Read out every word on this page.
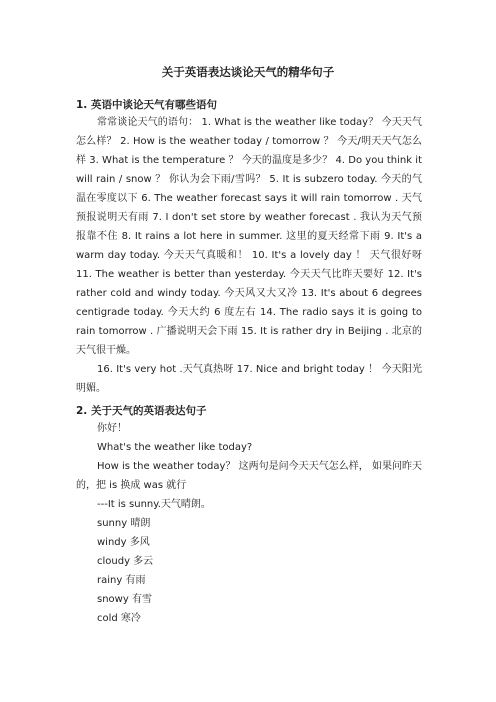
关于英语表达谈论天气的精华句子
1. 英语中谈论天气有哪些语句

常常谈论天气的语句： 1. What is the weather like today？ 今天天气怎么样？ 2. How is the weather today / tomorrow ？ 今天/明天天气怎么样 3. What is the temperature ？ 今天的温度是多少？ 4. Do you think it will rain / snow ？ 你认为会下雨/雪吗？ 5. It is subzero today. 今天的气温在零度以下 6. The weather forecast says it will rain tomorrow . 天气预报说明天有雨 7. I don't set store by weather forecast . 我认为天气预报靠不住 8. It rains a lot here in summer. 这里的夏天经常下雨 9. It's a warm day today. 今天天气真暖和！ 10. It's a lovely day ！ 天气很好呀 11. The weather is better than yesterday. 今天天气比昨天要好 12. It's rather cold and windy today. 今天风又大又冷 13. It's about 6 degrees centigrade today. 今天大约 6 度左右 14. The radio says it is going to rain tomorrow . 广播说明天会下雨 15. It is rather dry in Beijing . 北京的天气很干燥。

16. It's very hot .天气真热呀 17. Nice and bright today ！ 今天阳光明媚。

2. 关于天气的英语表达句子
你好！
What's the weather like today?

How is the weather today？ 这两句是问今天天气怎么样， 如果问昨天的，把 is 换成 was 就行

---It is sunny.天气晴朗。
sunny 晴朗
windy 多风
cloudy 多云
rainy 有雨
snowy 有雪
cold 寒冷
